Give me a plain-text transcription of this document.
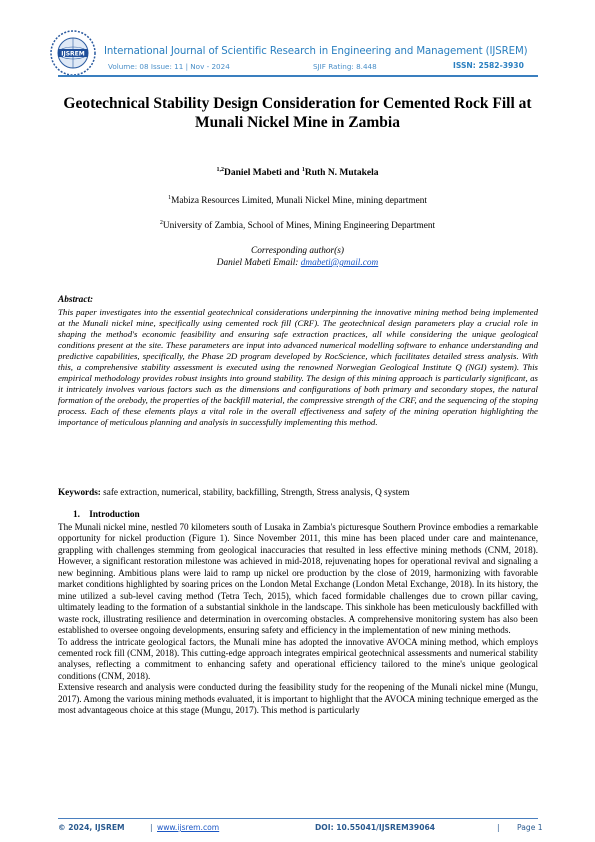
IJSREM International Journal of Scientific Research in Engineering and Management (IJSREM)
Volume: 08 Issue: 11 | Nov - 2024	SJIF Rating: 8.448	ISSN: 2582-3930
Geotechnical Stability Design Consideration for Cemented Rock Fill at
Munali Nickel Mine in Zambia
$^{1,2}$Daniel Mabeti and $^1$Ruth N. Mutakela
$^1$Mabiza Resources Limited, Munali Nickel Mine, mining department
$^2$University of Zambia, School of Mines, Mining Engineering Department
Corresponding author(s)
Daniel Mabeti Email: dmabeti@gmail.com
Abstract:
This paper investigates into the essential geotechnical considerations underpinning the innovative mining method being implemented at the Munali nickel mine, specifically using cemented rock fill (CRF). The geotechnical design parameters play a crucial role in shaping the method's economic feasibility and ensuring safe extraction practices, all while considering the unique geological conditions present at the site. These parameters are input into advanced numerical modelling software to enhance understanding and predictive capabilities, specifically, the Phase 2D program developed by RocScience, which facilitates detailed stress analysis. With this, a comprehensive stability assessment is executed using the renowned Norwegian Geological Institute Q (NGI) system). This empirical methodology provides robust insights into ground stability. The design of this mining approach is particularly significant, as it intricately involves various factors such as the dimensions and configurations of both primary and secondary stopes, the natural formation of the orebody, the properties of the backfill material, the compressive strength of the CRF, and the sequencing of the stoping process. Each of these elements plays a vital role in the overall effectiveness and safety of the mining operation highlighting the importance of meticulous planning and analysis in successfully implementing this method.
Keywords: safe extraction, numerical, stability, backfilling, Strength, Stress analysis, Q system
1.    Introduction

The Munali nickel mine, nestled 70 kilometers south of Lusaka in Zambia's picturesque Southern Province embodies a remarkable opportunity for nickel production (Figure 1). Since November 2011, this mine has been placed under care and maintenance, grappling with challenges stemming from geological inaccuracies that resulted in less effective mining methods (CNM, 2018). However, a significant restoration milestone was achieved in mid-2018, rejuvenating hopes for operational revival and signaling a new beginning. Ambitious plans were laid to ramp up nickel ore production by the close of 2019, harmonizing with favorable market conditions highlighted by soaring prices on the London Metal Exchange (London Metal Exchange, 2018). In its history, the mine utilized a sub-level caving method (Tetra Tech, 2015), which faced formidable challenges due to crown pillar caving, ultimately leading to the formation of a substantial sinkhole in the landscape. This sinkhole has been meticulously backfilled with waste rock, illustrating resilience and determination in overcoming obstacles. A comprehensive monitoring system has also been established to oversee ongoing developments, ensuring safety and efficiency in the implementation of new mining methods.

To address the intricate geological factors, the Munali mine has adopted the innovative AVOCA mining method, which employs cemented rock fill (CNM, 2018). This cutting-edge approach integrates empirical geotechnical assessments and numerical stability analyses, reflecting a commitment to enhancing safety and operational efficiency tailored to the mine's unique geological conditions (CNM, 2018).

Extensive research and analysis were conducted during the feasibility study for the reopening of the Munali nickel mine (Mungu, 2017). Among the various mining methods evaluated, it is important to highlight that the AVOCA mining technique emerged as the most advantageous choice at this stage (Mungu, 2017). This method is particularly

© 2024, IJSREM	| www.ijsrem.com	DOI: 10.55041/IJSREM39064	| Page 1
